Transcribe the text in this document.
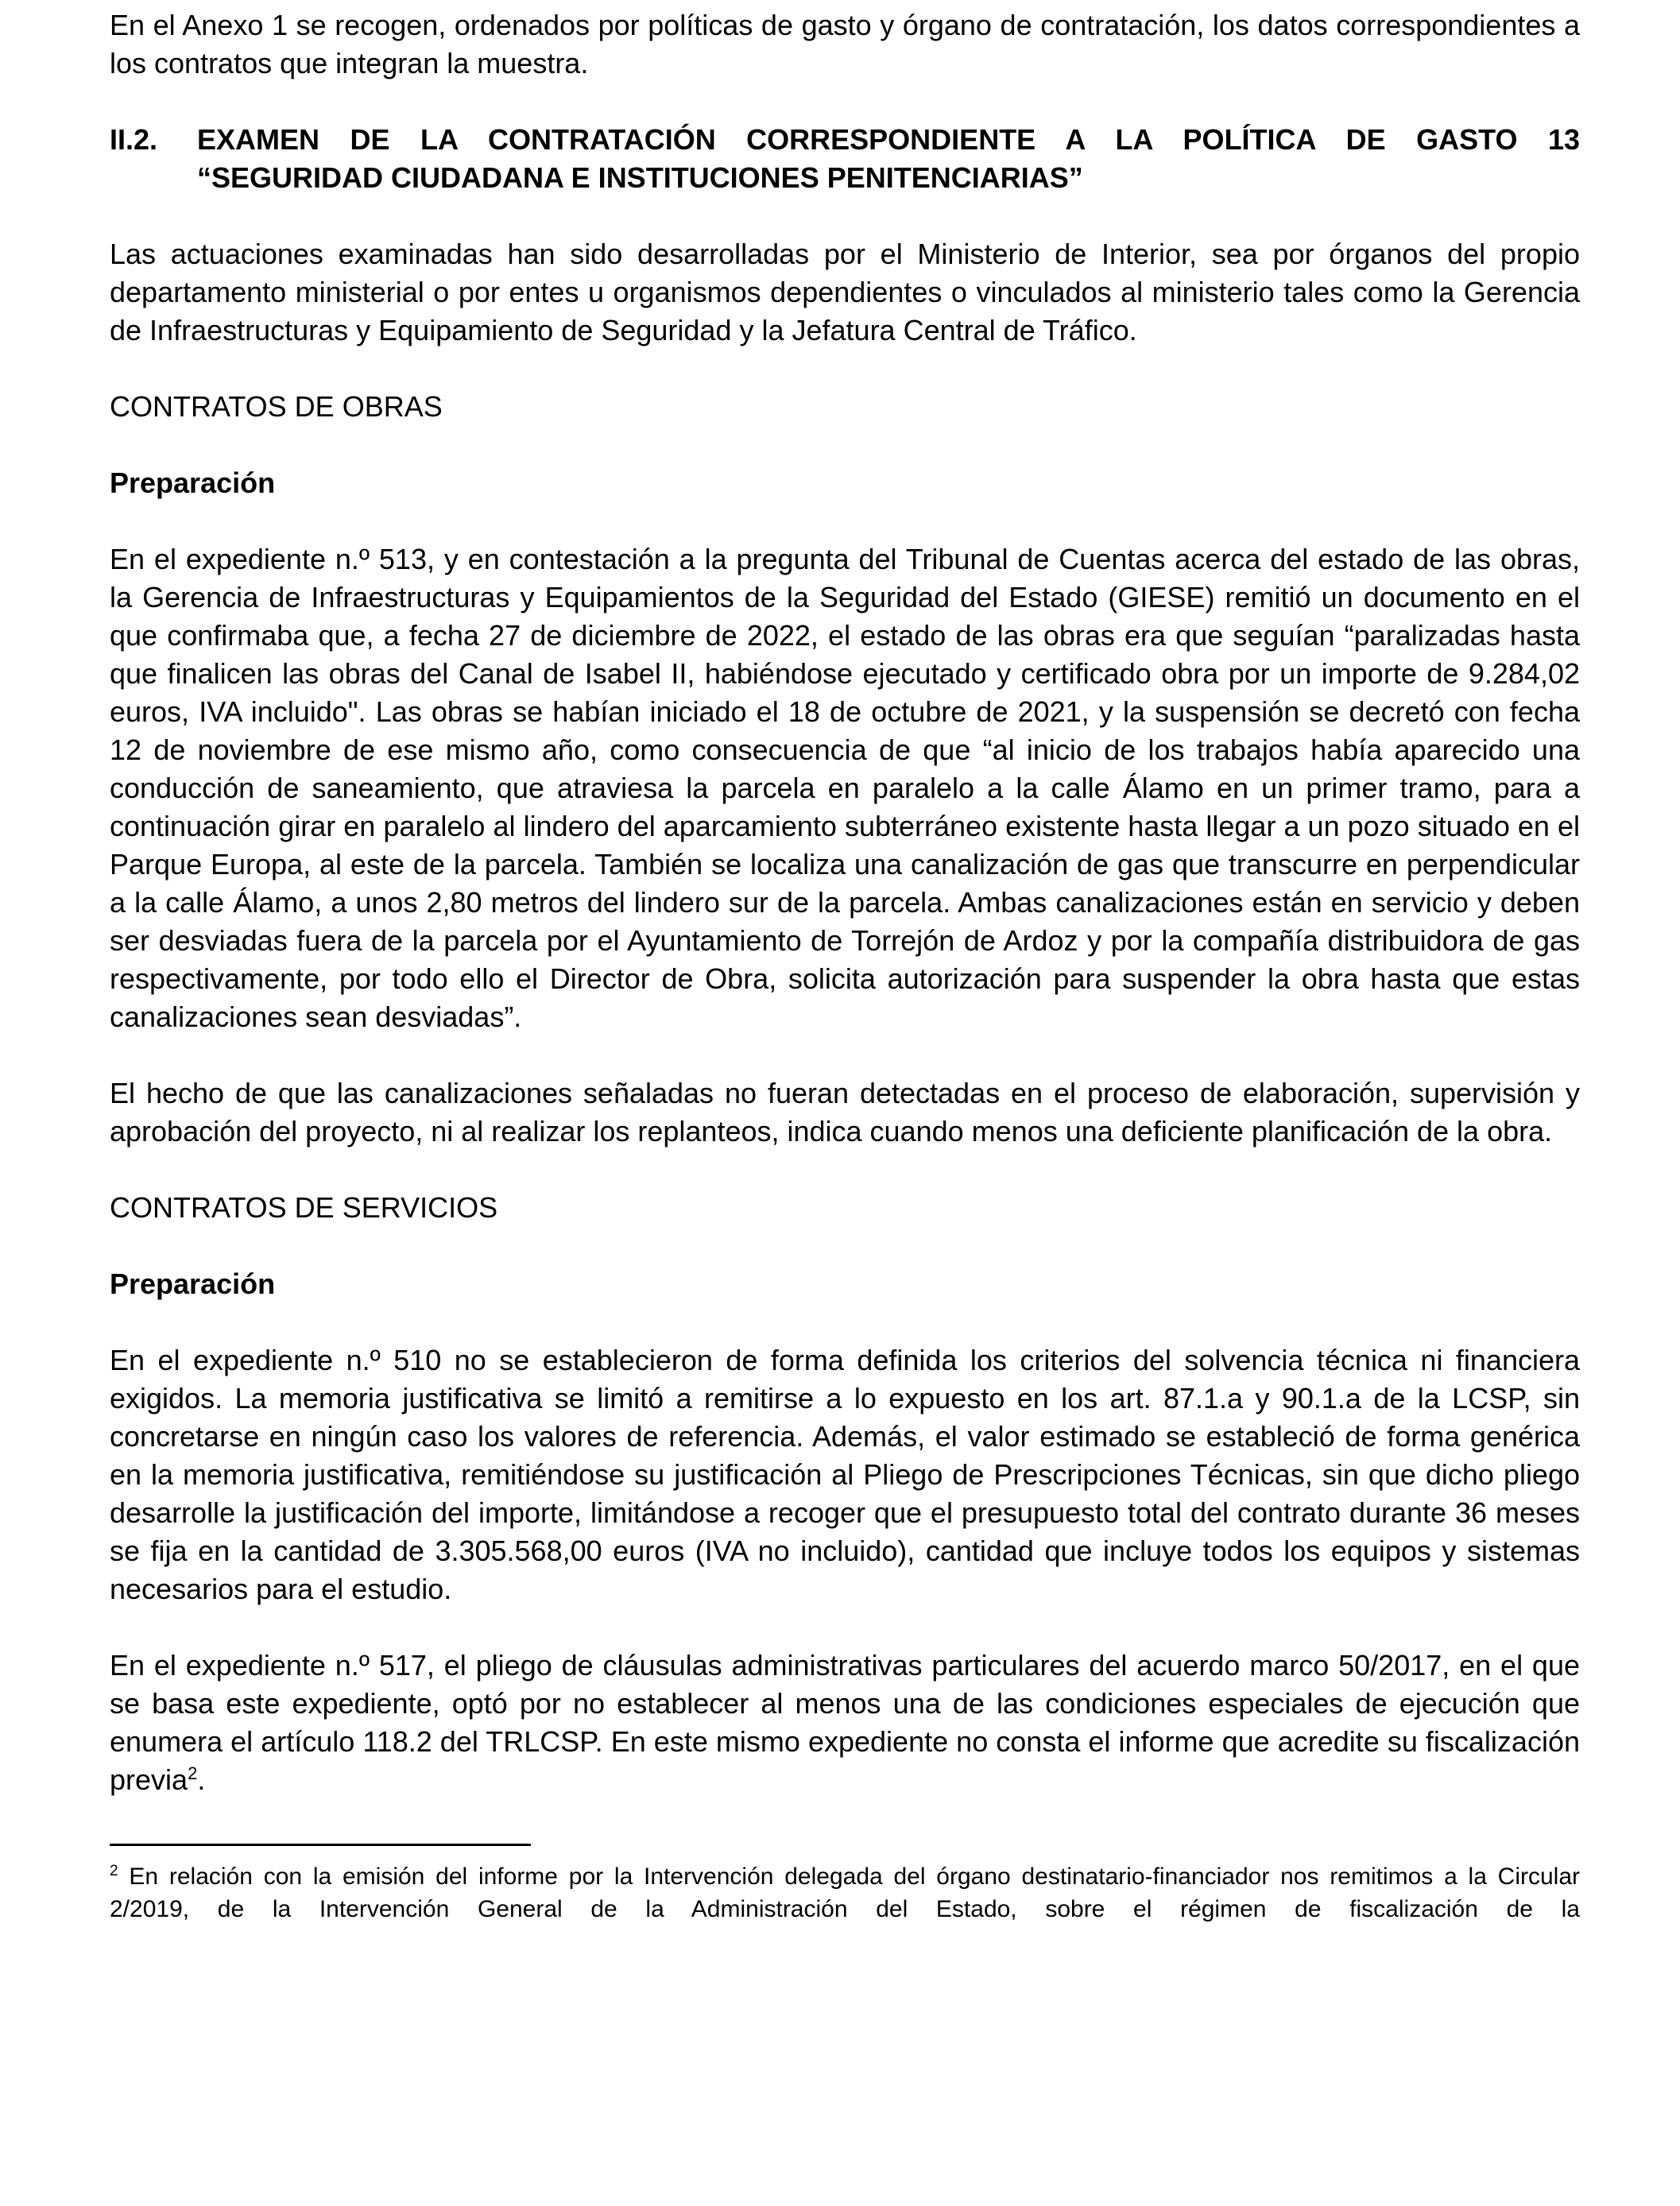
En el Anexo 1 se recogen, ordenados por políticas de gasto y órgano de contratación, los datos correspondientes a los contratos que integran la muestra.

II.2.	EXAMEN DE LA CONTRATACIÓN CORRESPONDIENTE A LA POLÍTICA DE GASTO 13
“SEGURIDAD CIUDADANA E INSTITUCIONES PENITENCIARIAS”

Las actuaciones examinadas han sido desarrolladas por el Ministerio de Interior, sea por órganos del propio departamento ministerial o por entes u organismos dependientes o vinculados al ministerio tales como la Gerencia de Infraestructuras y Equipamiento de Seguridad y la Jefatura Central de Tráfico.

CONTRATOS DE OBRAS

Preparación

En el expediente n.º 513, y en contestación a la pregunta del Tribunal de Cuentas acerca del estado de las obras, la Gerencia de Infraestructuras y Equipamientos de la Seguridad del Estado (GIESE) remitió un documento en el que confirmaba que, a fecha 27 de diciembre de 2022, el estado de las obras era que seguían “paralizadas hasta que finalicen las obras del Canal de Isabel II, habiéndose ejecutado y certificado obra por un importe de 9.284,02 euros, IVA incluido". Las obras se habían iniciado el 18 de octubre de 2021, y la suspensión se decretó con fecha 12 de noviembre de ese mismo año, como consecuencia de que “al inicio de los trabajos había aparecido una conducción de saneamiento, que atraviesa la parcela en paralelo a la calle Álamo en un primer tramo, para a continuación girar en paralelo al lindero del aparcamiento subterráneo existente hasta llegar a un pozo situado en el Parque Europa, al este de la parcela. También se localiza una canalización de gas que transcurre en perpendicular a la calle Álamo, a unos 2,80 metros del lindero sur de la parcela. Ambas canalizaciones están en servicio y deben ser desviadas fuera de la parcela por el Ayuntamiento de Torrejón de Ardoz y por la compañía distribuidora de gas respectivamente, por todo ello el Director de Obra, solicita autorización para suspender la obra hasta que estas canalizaciones sean desviadas”.

El hecho de que las canalizaciones señaladas no fueran detectadas en el proceso de elaboración, supervisión y aprobación del proyecto, ni al realizar los replanteos, indica cuando menos una deficiente planificación de la obra.

CONTRATOS DE SERVICIOS

Preparación

En el expediente n.º 510 no se establecieron de forma definida los criterios del solvencia técnica ni financiera exigidos. La memoria justificativa se limitó a remitirse a lo expuesto en los art. 87.1.a y 90.1.a de la LCSP, sin concretarse en ningún caso los valores de referencia. Además, el valor estimado se estableció de forma genérica en la memoria justificativa, remitiéndose su justificación al Pliego de Prescripciones Técnicas, sin que dicho pliego desarrolle la justificación del importe, limitándose a recoger que el presupuesto total del contrato durante 36 meses se fija en la cantidad de 3.305.568,00 euros (IVA no incluido), cantidad que incluye todos los equipos y sistemas necesarios para el estudio.

En el expediente n.º 517, el pliego de cláusulas administrativas particulares del acuerdo marco 50/2017, en el que se basa este expediente, optó por no establecer al menos una de las condiciones especiales de ejecución que enumera el artículo 118.2 del TRLCSP. En este mismo expediente no consta el informe que acredite su fiscalización previa$^2$.

$^2$ En relación con la emisión del informe por la Intervención delegada del órgano destinatario-financiador nos remitimos a la Circular 2/2019, de la Intervención General de la Administración del Estado, sobre el régimen de fiscalización de la
